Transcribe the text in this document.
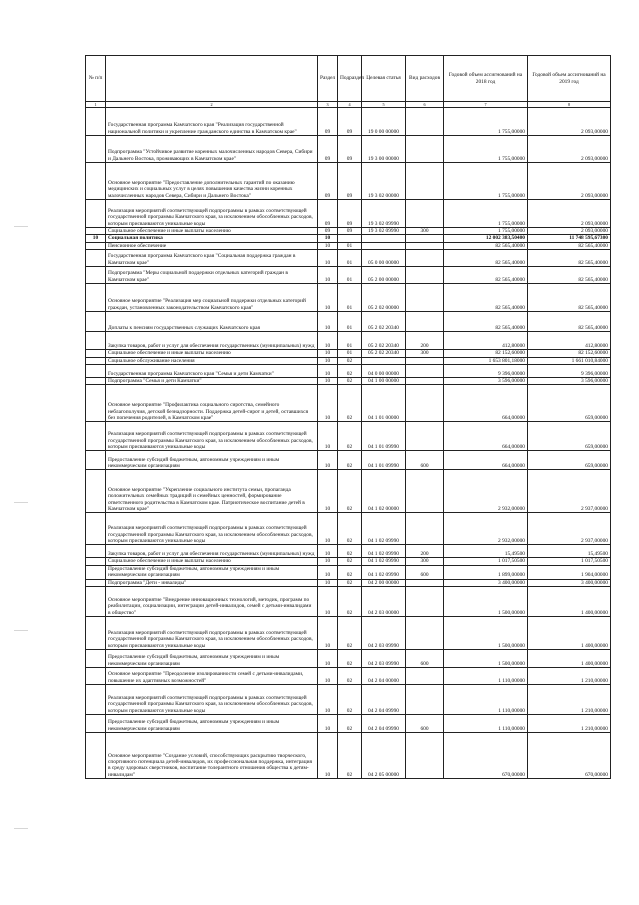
№ п/п		Раздел	Подраздел	Целевая статья	Вид расходов	Годовой объем ассигнований на 2018 год	Годовой объем ассигнований на 2019 год
1	2	3	4	5	6	7	8
	Государственная программа Камчатского края "Реализация государственной национальной политики и укрепление гражданского единства в Камчатском крае"	09	09	19 0 00 00000		1 755,00000	2 093,00000
	Подпрограмма "Устойчивое развитие коренных малочисленных народов Севера, Сибири и Дальнего Востока, проживающих в Камчатском крае"	09	09	19 3 00 00000		1 755,00000	2 093,00000
	Основное мероприятие "Предоставление дополнительных гарантий по оказанию медицинских и социальных услуг в целях повышения качества жизни коренных малочисленных народов Севера, Сибири и Дальнего Востока"	09	09	19 3 02 00000		1 755,00000	2 093,00000
	Реализация мероприятий соответствующей подпрограммы в рамках соответствующей государственной программы Камчатского края, за исключением обособленных расходов, которым присваиваются уникальные коды	09	09	19 3 02 09990		1 755,00000	2 093,00000
	Социальное обеспечение и иные выплаты населению	09	09	19 3 02 09990	300	1 755,00000	2 093,00000
10	Социальная политика	10				12 002 383,50400	11 748 595,67300
	Пенсионное обеспечение	10	01			82 565,40000	82 565,40000
	Государственная программа Камчатского края "Социальная поддержка граждан в Камчатском крае"	10	01	05 0 00 00000		82 565,40000	82 565,40000
	Подпрограмма "Меры социальной поддержки отдельных категорий граждан в Камчатском крае"	10	01	05 2 00 00000		82 565,40000	82 565,40000
	Основное мероприятие "Реализация мер социальной поддержки отдельных категорий граждан, установленных законодательством Камчатского края"	10	01	05 2 02 00000		82 565,40000	82 565,40000
	Доплаты к пенсиям государственных служащих Камчатского края	10	01	05 2 02 20340		82 565,40000	82 565,40000
	Закупка товаров, работ и услуг для обеспечения государственных (муниципальных) нужд	10	01	05 2 02 20340	200	412,80000	412,80000
	Социальное обеспечение и иные выплаты населению	10	01	05 2 02 20340	300	82 152,60000	82 152,60000
	Социальное обслуживание населения	10	02			1 653 801,18000	1 661 010,84000
	Государственная программа Камчатского края "Семья и дети Камчатки"	10	02	04 0 00 00000		9 396,00000	9 396,00000
	Подпрограмма "Семья и дети Камчатки"	10	02	04 1 00 00000		3 596,00000	3 596,00000
	Основное мероприятие "Профилактика социального сиротства, семейного неблагополучия, детской безнадзорности. Поддержка детей-сирот и детей, оставшихся без попечения родителей, в Камчатском крае"	10	02	04 1 01 00000		664,00000	659,00000
	Реализация мероприятий соответствующей подпрограммы в рамках соответствующей государственной программы Камчатского края, за исключением обособленных расходов, которым присваиваются уникальные коды	10	02	04 1 01 09990		664,00000	659,00000
	Предоставление субсидий бюджетным, автономным учреждениям и иным некоммерческим организациям	10	02	04 1 01 09990	600	664,00000	659,00000
	Основное мероприятие "Укрепление социального института семьи, пропаганда положительных семейных традиций и семейных ценностей, формирование ответственного родительства в Камчатском крае. Патриотическое воспитание детей в Камчатском крае"	10	02	04 1 02 00000		2 932,00000	2 937,00000
	Реализация мероприятий соответствующей подпрограммы в рамках соответствующей государственной программы Камчатского края, за исключением обособленных расходов, которым присваиваются уникальные коды	10	02	04 1 02 09990		2 932,00000	2 937,00000
	Закупка товаров, работ и услуг для обеспечения государственных (муниципальных) нужд	10	02	04 1 02 09990	200	15,49500	15,49500
	Социальное обеспечение и иные выплаты населению	10	02	04 1 02 09990	300	1 017,50500	1 017,50500
	Предоставление субсидий бюджетным, автономным учреждениям и иным некоммерческим организациям	10	02	04 1 02 09990	600	1 899,00000	1 904,00000
	Подпрограмма "Дети - инвалиды"	10	02	04 2 00 00000		3 400,00000	3 400,00000
	Основное мероприятие "Внедрение инновационных технологий, методик, программ по реабилитации, социализации, интеграции детей-инвалидов, семей с детьми-инвалидами в общество"	10	02	04 2 03 00000		1 500,00000	1 400,00000
	Реализация мероприятий соответствующей подпрограммы в рамках соответствующей государственной программы Камчатского края, за исключением обособленных расходов, которым присваиваются уникальные коды	10	02	04 2 03 09990		1 500,00000	1 400,00000
	Предоставление субсидий бюджетным, автономным учреждениям и иным некоммерческим организациям	10	02	04 2 03 09990	600	1 500,00000	1 400,00000
	Основное мероприятие "Преодоление изолированности семей с детьми-инвалидами, повышение их адаптивных возможностей"	10	02	04 2 04 00000		1 110,00000	1 210,00000
	Реализация мероприятий соответствующей подпрограммы в рамках соответствующей государственной программы Камчатского края, за исключением обособленных расходов, которым присваиваются уникальные коды	10	02	04 2 04 09990		1 110,00000	1 210,00000
	Предоставление субсидий бюджетным, автономным учреждениям и иным некоммерческим организациям	10	02	04 2 04 09990	600	1 110,00000	1 210,00000
	Основное мероприятие "Создание условий, способствующих раскрытию творческого, спортивного потенциала детей-инвалидов, их профессиональная поддержка, интеграция в среду здоровых сверстников, воспитание толерантного отношения общества к детям-инвалидам"	10	02	04 2 05 00000		670,00000	670,00000
